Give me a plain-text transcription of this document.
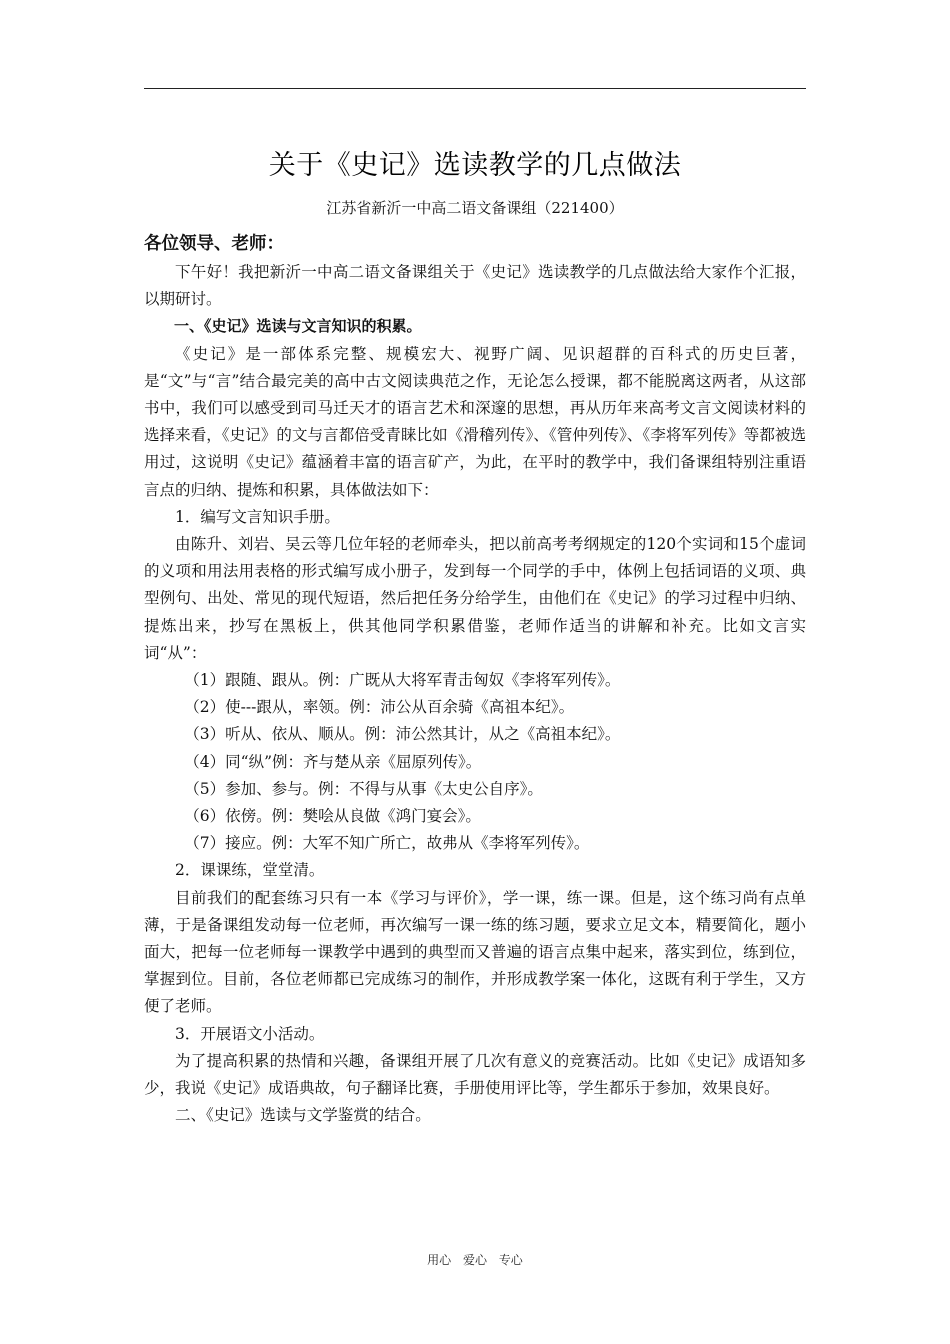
关于《史记》选读教学的几点做法
江苏省新沂一中高二语文备课组（221400）
各位领导、老师：

下午好！我把新沂一中高二语文备课组关于《史记》选读教学的几点做法给大家作个汇报，以期研讨。

一、《史记》选读与文言知识的积累。

《史记》是一部体系完整、规模宏大、视野广阔、见识超群的百科式的历史巨著，是“文”与“言”结合最完美的高中古文阅读典范之作，无论怎么授课，都不能脱离这两者，从这部书中，我们可以感受到司马迁天才的语言艺术和深邃的思想，再从历年来高考文言文阅读材料的选择来看，《史记》的文与言都倍受青睐比如《滑稽列传》、《管仲列传》、《李将军列传》等都被选用过，这说明《史记》蕴涵着丰富的语言矿产，为此，在平时的教学中，我们备课组特别注重语言点的归纳、提炼和积累，具体做法如下：

1．编写文言知识手册。

由陈升、刘岩、吴云等几位年轻的老师牵头，把以前高考考纲规定的120个实词和15个虚词的义项和用法用表格的形式编写成小册子，发到每一个同学的手中，体例上包括词语的义项、典型例句、出处、常见的现代短语，然后把任务分给学生，由他们在《史记》的学习过程中归纳、提炼出来，抄写在黑板上，供其他同学积累借鉴，老师作适当的讲解和补充。比如文言实词“从”：

（1）跟随、跟从。例：广既从大将军青击匈奴《李将军列传》。
（2）使---跟从，率领。例：沛公从百余骑《高祖本纪》。
（3）听从、依从、顺从。例：沛公然其计，从之《高祖本纪》。
（4）同“纵”例：齐与楚从亲《屈原列传》。
（5）参加、参与。例：不得与从事《太史公自序》。
（6）依傍。例：樊哙从良做《鸿门宴会》。
（7）接应。例：大军不知广所亡，故弗从《李将军列传》。
2．课课练，堂堂清。

目前我们的配套练习只有一本《学习与评价》，学一课，练一课。但是，这个练习尚有点单薄，于是备课组发动每一位老师，再次编写一课一练的练习题，要求立足文本，精要简化，题小面大，把每一位老师每一课教学中遇到的典型而又普遍的语言点集中起来，落实到位，练到位，掌握到位。目前，各位老师都已完成练习的制作，并形成教学案一体化，这既有利于学生，又方便了老师。

3．开展语文小活动。

为了提高积累的热情和兴趣，备课组开展了几次有意义的竞赛活动。比如《史记》成语知多少，我说《史记》成语典故，句子翻译比赛，手册使用评比等，学生都乐于参加，效果良好。

二、《史记》选读与文学鉴赏的结合。
用心 爱心 专心
